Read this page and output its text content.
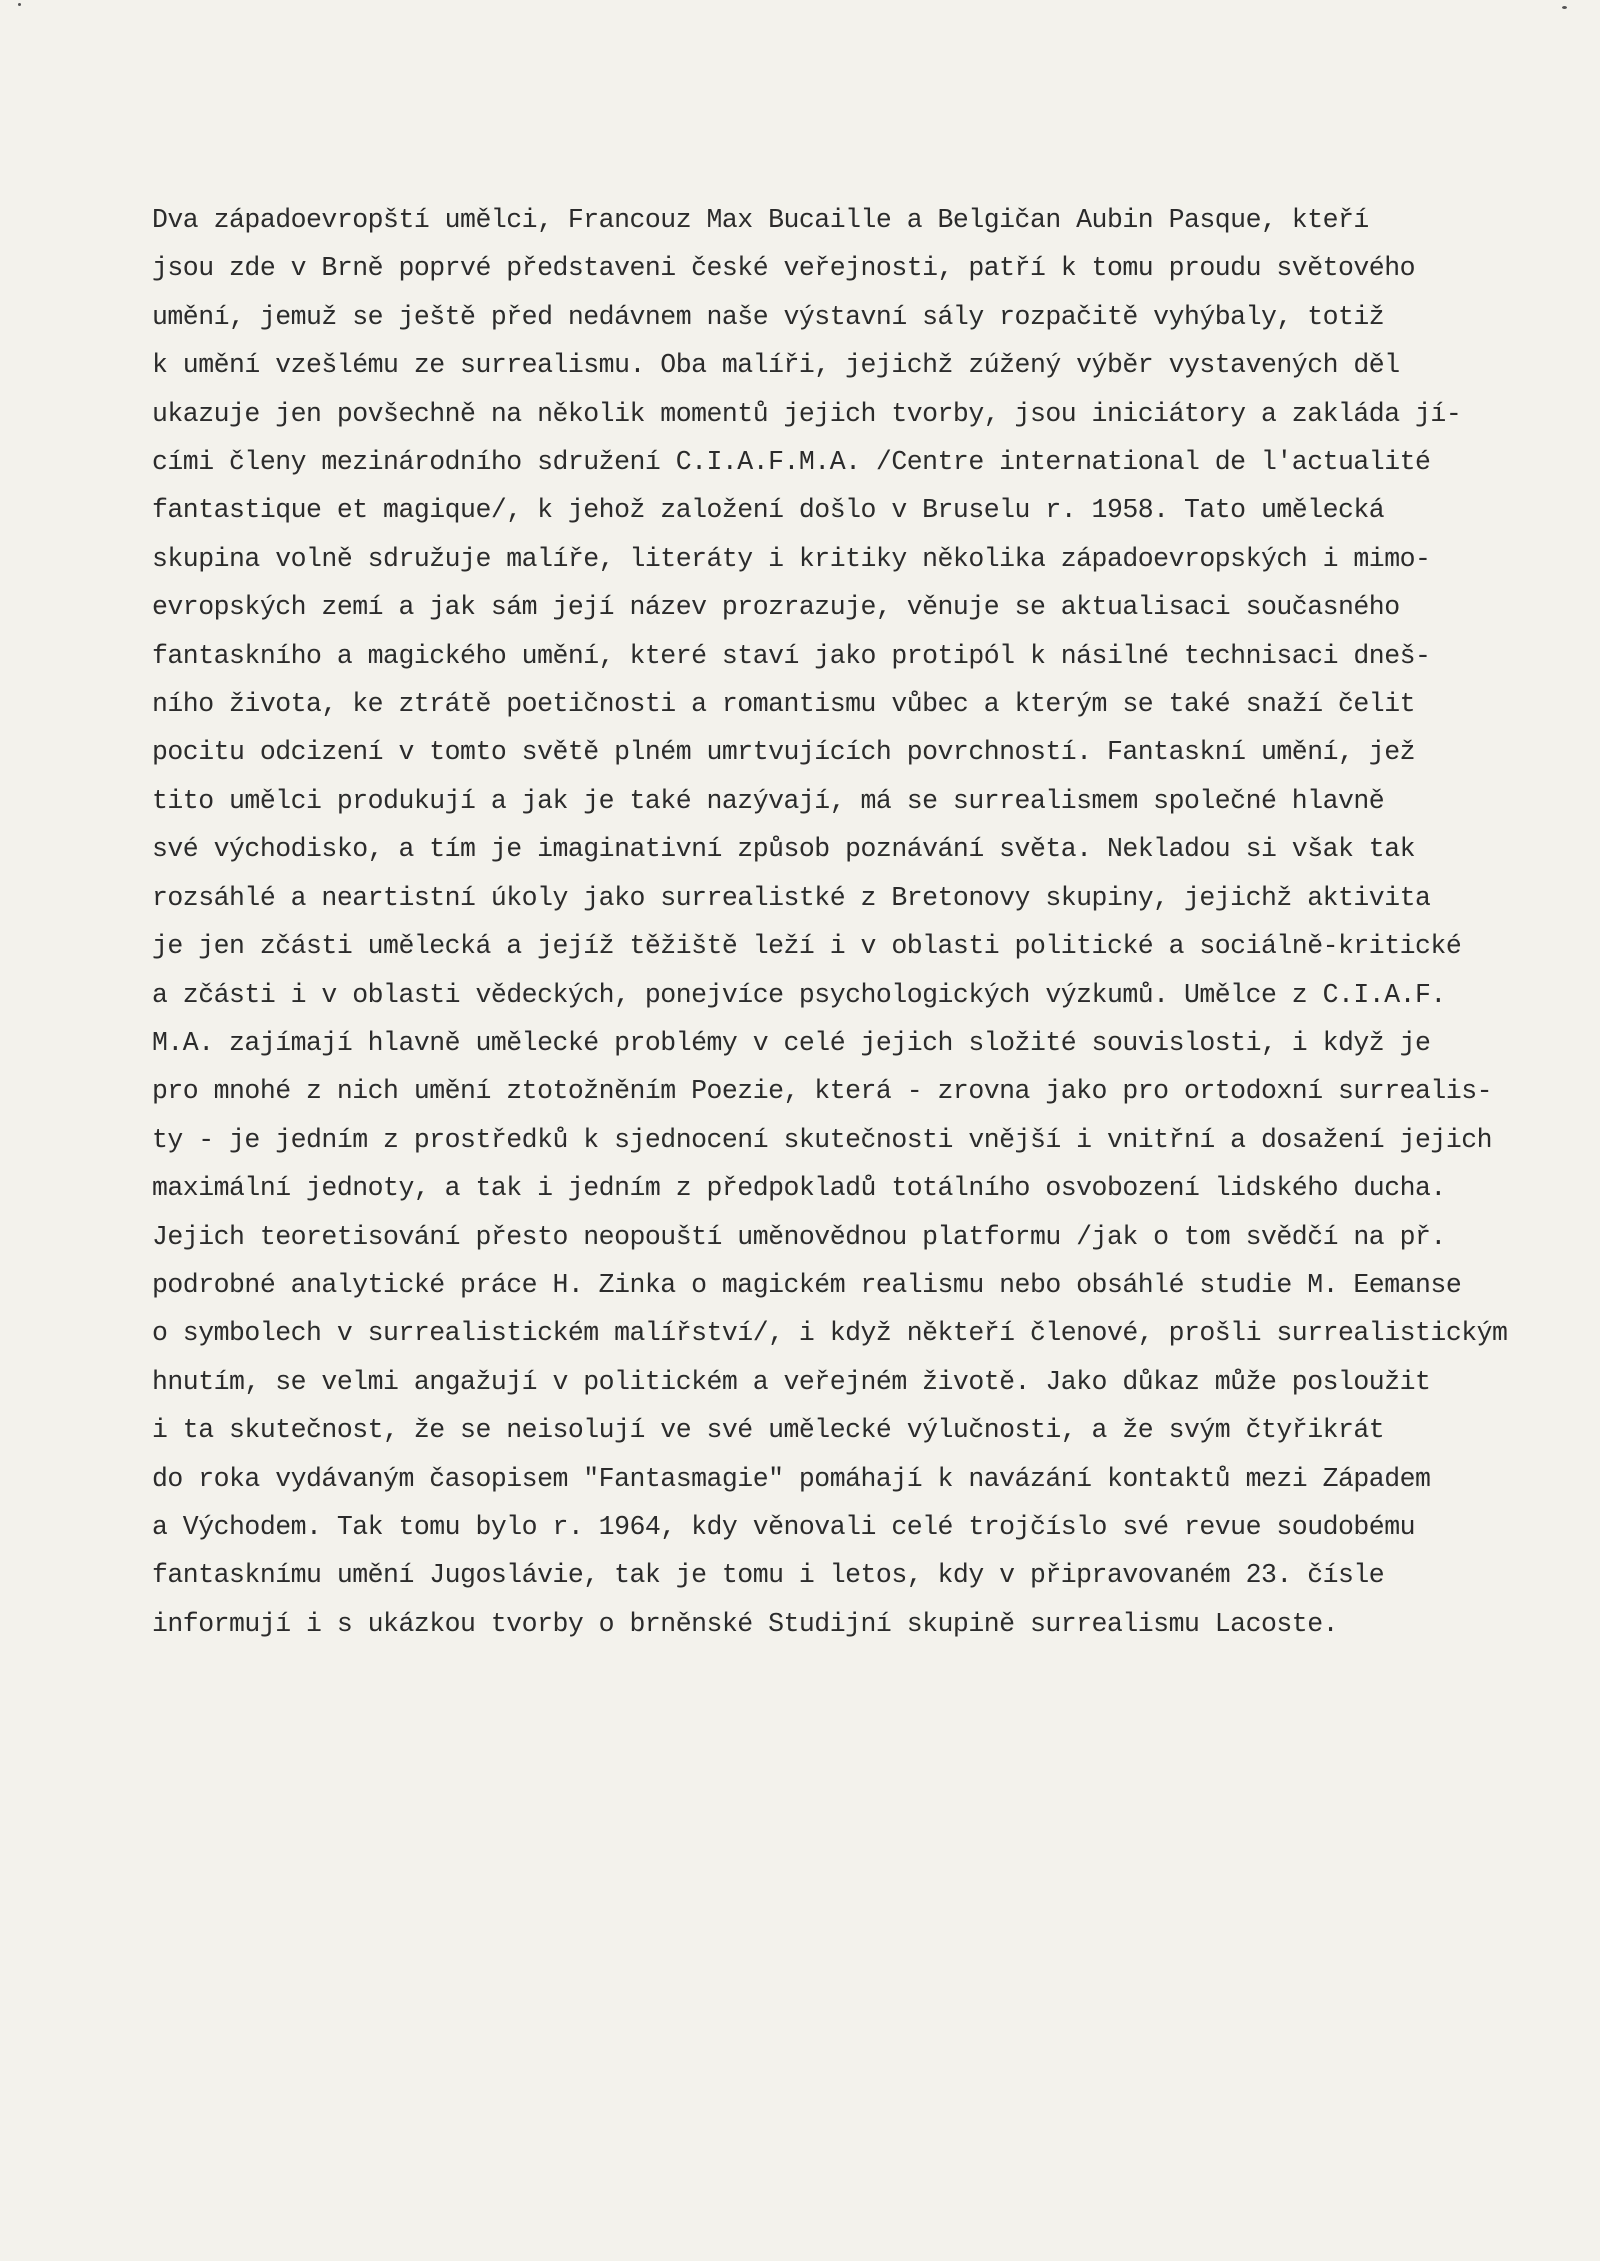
Dva západoevropští umělci, Francouz Max Bucaille a Belgičan Aubin Pasque, kteří
jsou zde v Brně poprvé představeni české veřejnosti, patří k tomu proudu světového
umění, jemuž se ještě před nedávnem naše výstavní sály rozpačitě vyhýbaly, totiž
k umění vzešlému ze surrealismu. Oba malíři, jejichž zúžený výběr vystavených děl
ukazuje jen povšechně na několik momentů jejich tvorby, jsou iniciátory a zakláda jí-
cími členy mezinárodního sdružení C.I.A.F.M.A. /Centre international de l'actualité
fantastique et magique/, k jehož založení došlo v Bruselu r. 1958. Tato umělecká
skupina volně sdružuje malíře, literáty i kritiky několika západoevropských i mimo-
evropských zemí a jak sám její název prozrazuje, věnuje se aktualisaci současného
fantaskního a magického umění, které staví jako protipól k násilné technisaci dneš-
ního života, ke ztrátě poetičnosti a romantismu vůbec a kterým se také snaží čelit
pocitu odcizení v tomto světě plném umrtvujících povrchností. Fantaskní umění, jež
tito umělci produkují a jak je také nazývají, má se surrealismem společné hlavně
své východisko, a tím je imaginativní způsob poznávání světa. Nekladou si však tak
rozsáhlé a neartistní úkoly jako surrealistké z Bretonovy skupiny, jejichž aktivita
je jen zčásti umělecká a jejíž těžiště leží i v oblasti politické a sociálně-kritické
a zčásti i v oblasti vědeckých, ponejvíce psychologických výzkumů. Umělce z C.I.A.F.
M.A. zajímají hlavně umělecké problémy v celé jejich složité souvislosti, i když je
pro mnohé z nich umění ztotožněním Poezie, která - zrovna jako pro ortodoxní surrealis-
ty - je jedním z prostředků k sjednocení skutečnosti vnější i vnitřní a dosažení jejich
maximální jednoty, a tak i jedním z předpokladů totálního osvobození lidského ducha.
Jejich teoretisování přesto neopouští uměnovědnou platformu /jak o tom svědčí na př.
podrobné analytické práce H. Zinka o magickém realismu nebo obsáhlé studie M. Eemanse
o symbolech v surrealistickém malířství/, i když někteří členové, prošli surrealistickým
hnutím, se velmi angažují v politickém a veřejném životě. Jako důkaz může posloužit
i ta skutečnost, že se neisolují ve své umělecké výlučnosti, a že svým čtyřikrát
do roka vydávaným časopisem "Fantasmagie" pomáhají k navázání kontaktů mezi Západem
a Východem. Tak tomu bylo r. 1964, kdy věnovali celé trojčíslo své revue soudobému
fantasknímu umění Jugoslávie, tak je tomu i letos, kdy v připravovaném 23. čísle
informují i s ukázkou tvorby o brněnské Studijní skupině surrealismu Lacoste.
